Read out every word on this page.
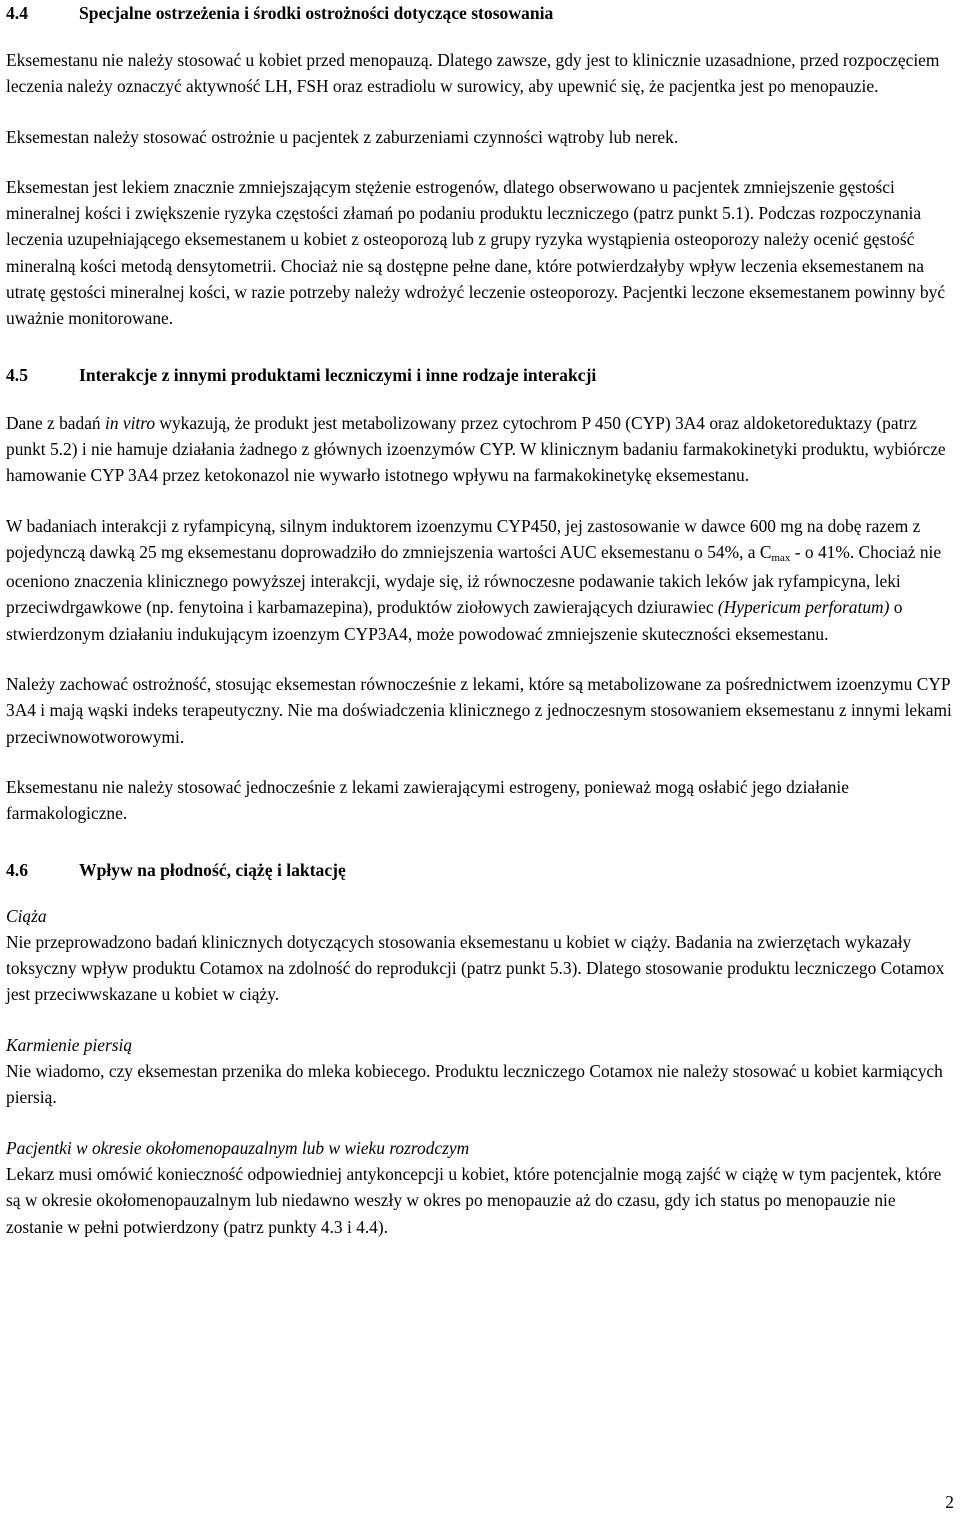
4.4	Specjalne ostrzeżenia i środki ostrożności dotyczące stosowania

Eksemestanu nie należy stosować u kobiet przed menopauzą. Dlatego zawsze, gdy jest to klinicznie uzasadnione, przed rozpoczęciem leczenia należy oznaczyć aktywność LH, FSH oraz estradiolu w surowicy, aby upewnić się, że pacjentka jest po menopauzie.

Eksemestan należy stosować ostrożnie u pacjentek z zaburzeniami czynności wątroby lub nerek.

Eksemestan jest lekiem znacznie zmniejszającym stężenie estrogenów, dlatego obserwowano u pacjentek zmniejszenie gęstości mineralnej kości i zwiększenie ryzyka częstości złamań po podaniu produktu leczniczego (patrz punkt 5.1). Podczas rozpoczynania leczenia uzupełniającego eksemestanem u kobiet z osteoporozą lub z grupy ryzyka wystąpienia osteoporozy należy ocenić gęstość mineralną kości metodą densytometrii. Chociaż nie są dostępne pełne dane, które potwierdzałyby wpływ leczenia eksemestanem na utratę gęstości mineralnej kości, w razie potrzeby należy wdrożyć leczenie osteoporozy. Pacjentki leczone eksemestanem powinny być uważnie monitorowane.

4.5	Interakcje z innymi produktami leczniczymi i inne rodzaje interakcji

Dane z badań in vitro wykazują, że produkt jest metabolizowany przez cytochrom P 450 (CYP) 3A4 oraz aldoketoreduktazy (patrz punkt 5.2) i nie hamuje działania żadnego z głównych izoenzymów CYP. W klinicznym badaniu farmakokinetyki produktu, wybiórcze hamowanie CYP 3A4 przez ketokonazol nie wywarło istotnego wpływu na farmakokinetykę eksemestanu.

W badaniach interakcji z ryfampicyną, silnym induktorem izoenzymu CYP450, jej zastosowanie w dawce 600 mg na dobę razem z pojedynczą dawką 25 mg eksemestanu doprowadziło do zmniejszenia wartości AUC eksemestanu o 54%, a $C_{max}$ - o 41%. Chociaż nie oceniono znaczenia klinicznego powyższej interakcji, wydaje się, iż równoczesne podawanie takich leków jak ryfampicyna, leki przeciwdrgawkowe (np. fenytoina i karbamazepina), produktów ziołowych zawierających dziurawiec (Hypericum perforatum) o stwierdzonym działaniu indukującym izoenzym CYP3A4, może powodować zmniejszenie skuteczności eksemestanu.

Należy zachować ostrożność, stosując eksemestan równocześnie z lekami, które są metabolizowane za pośrednictwem izoenzymu CYP 3A4 i mają wąski indeks terapeutyczny. Nie ma doświadczenia klinicznego z jednoczesnym stosowaniem eksemestanu z innymi lekami przeciwnowotworowymi.

Eksemestanu nie należy stosować jednocześnie z lekami zawierającymi estrogeny, ponieważ mogą osłabić jego działanie farmakologiczne.

4.6	Wpływ na płodność, ciążę i laktację

Ciąża

Nie przeprowadzono badań klinicznych dotyczących stosowania eksemestanu u kobiet w ciąży. Badania na zwierzętach wykazały toksyczny wpływ produktu Cotamox na zdolność do reprodukcji (patrz punkt 5.3). Dlatego stosowanie produktu leczniczego Cotamox jest przeciwwskazane u kobiet w ciąży.

Karmienie piersią

Nie wiadomo, czy eksemestan przenika do mleka kobiecego. Produktu leczniczego Cotamox nie należy stosować u kobiet karmiących piersią.

Pacjentki w okresie okołomenopauzalnym lub w wieku rozrodczym

Lekarz musi omówić konieczność odpowiedniej antykoncepcji u kobiet, które potencjalnie mogą zajść w ciążę w tym pacjentek, które są w okresie okołomenopauzalnym lub niedawno weszły w okres po menopauzie aż do czasu, gdy ich status po menopauzie nie zostanie w pełni potwierdzony (patrz punkty 4.3 i 4.4).

2
